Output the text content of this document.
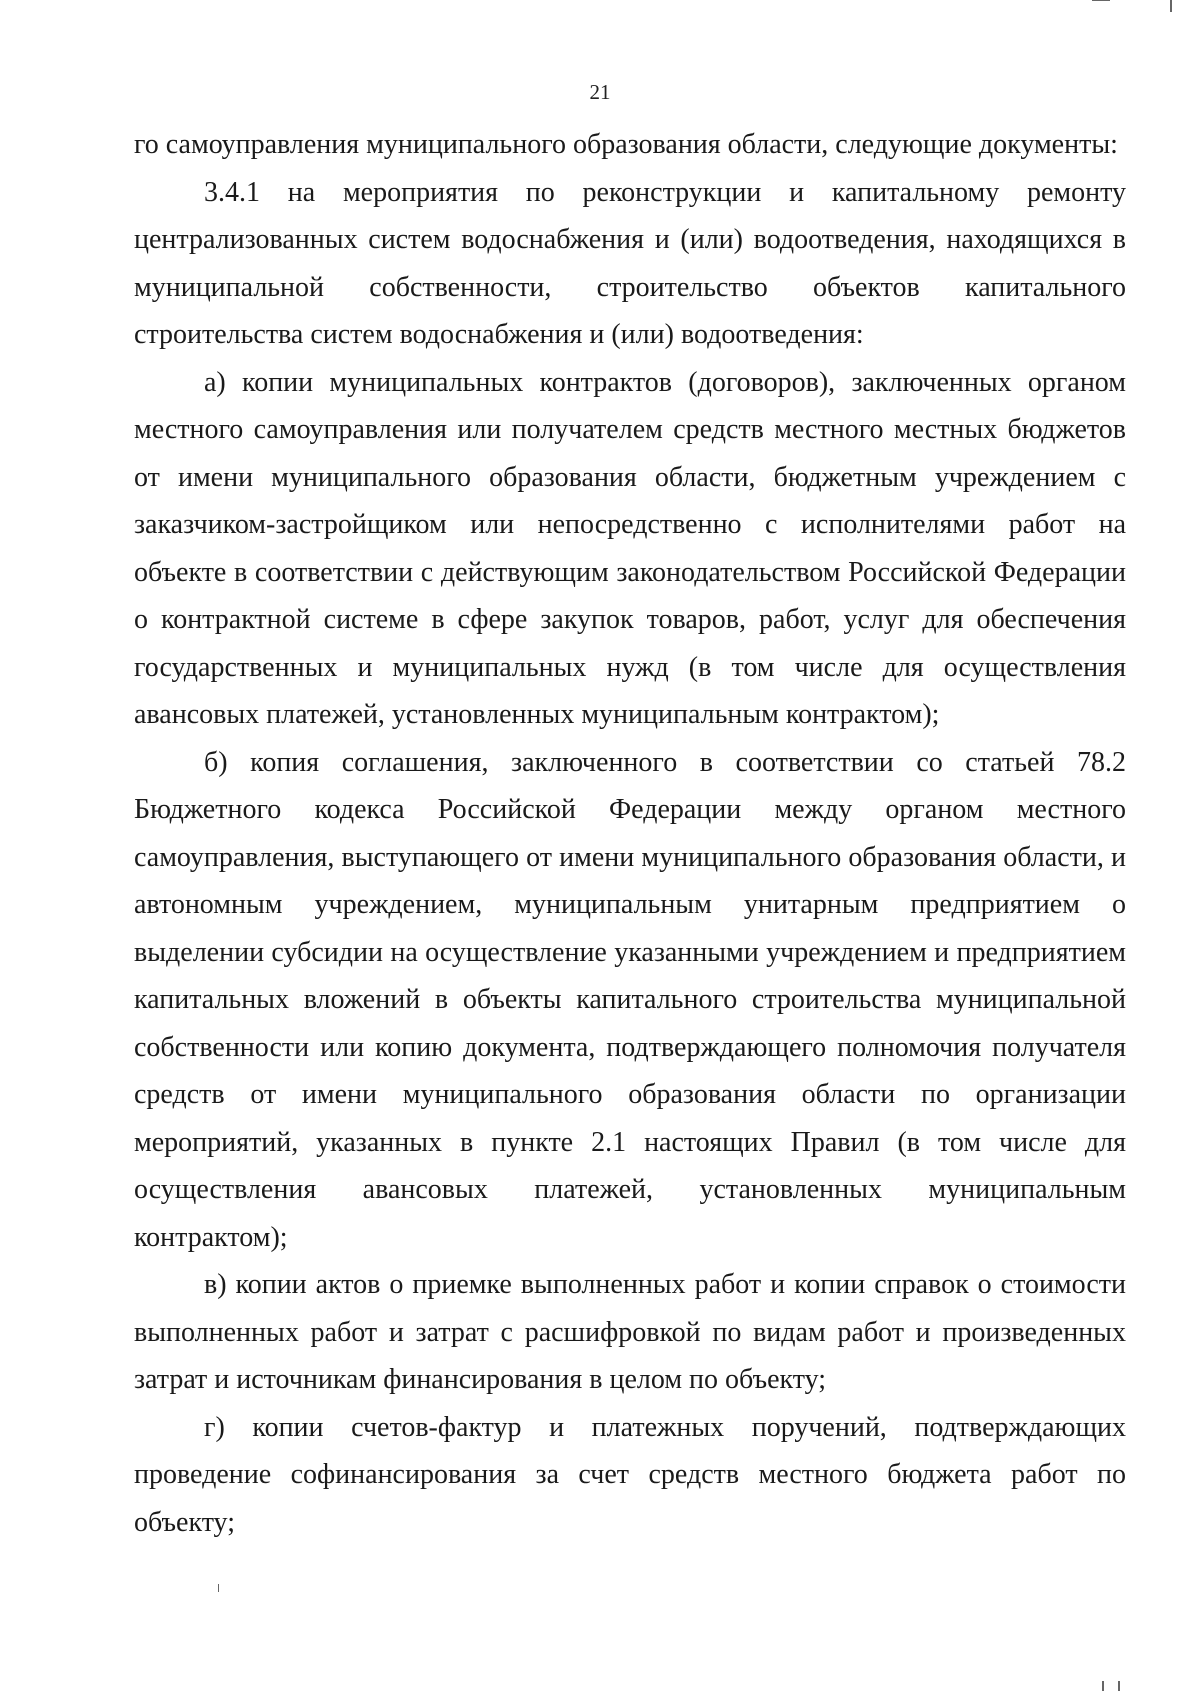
21

го самоуправления муниципального образования области, следующие документы:

3.4.1 на мероприятия по реконструкции и капитальному ремонту централизованных систем водоснабжения и (или) водоотведения, находящихся в муниципальной собственности, строительство объектов капитального строительства систем водоснабжения и (или) водоотведения:

а) копии муниципальных контрактов (договоров), заключенных органом местного самоуправления или получателем средств местного местных бюджетов от имени муниципального образования области, бюджетным учреждением с заказчиком-застройщиком или непосредственно с исполнителями работ на объекте в соответствии с действующим законодательством Российской Федерации о контрактной системе в сфере закупок товаров, работ, услуг для обеспечения государственных и муниципальных нужд (в том числе для осуществления авансовых платежей, установленных муниципальным контрактом);

б) копия соглашения, заключенного в соответствии со статьей 78.2 Бюджетного кодекса Российской Федерации между органом местного самоуправления, выступающего от имени муниципального образования области, и автономным учреждением, муниципальным унитарным предприятием о выделении субсидии на осуществление указанными учреждением и предприятием капитальных вложений в объекты капитального строительства муниципальной собственности или копию документа, подтверждающего полномочия получателя средств от имени муниципального образования области по организации мероприятий, указанных в пункте 2.1 настоящих Правил (в том числе для осуществления авансовых платежей, установленных муниципальным контрактом);

в) копии актов о приемке выполненных работ и копии справок о стоимости выполненных работ и затрат с расшифровкой по видам работ и произведенных затрат и источникам финансирования в целом по объекту;

г) копии счетов-фактур и платежных поручений, подтверждающих проведение софинансирования за счет средств местного бюджета работ по объекту;
